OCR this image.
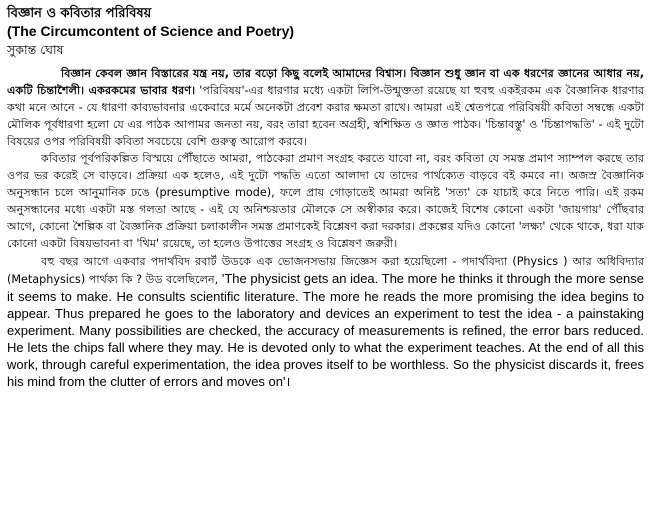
বিজ্ঞান ও কবিতার পরিবিষয়
(The Circumcontent of Science and Poetry)
সুকান্ত ঘোষ

বিজ্ঞান কেবল জ্ঞান বিস্তারের যন্ত্র নয়, তার বড়ো কিছু বলেই আমাদের বিশ্বাস। বিজ্ঞান শুধু জ্ঞান বা এক ধরণের জ্ঞানের আধার নয়, একটি চিন্তাশৈলী। একরকমের ভাবার ধরণ। 'পরিবিষয়'-এর ধারণার মধ্যে একটা লিপি-উন্মুক্ততা রয়েছে যা হুবহু একইরকম এক বৈজ্ঞানিক ধারণার কথা মনে আনে - যে ধারণা কাব্যভাবনার একেবারে মর্মে অনেকটা প্রবেশ করার ক্ষমতা রাখে। আমরা এই শ্বেতপত্রে পরিবিষয়ী কবিতা সম্বন্ধে একটা মৌলিক পূর্বধারণা হলো যে এর পাঠক আপামর জনতা নয়, বরং তারা হবেন অগ্রহী, স্বশিক্ষিত ও জ্ঞাত পাঠক। 'চিন্তাবস্তু' ও 'চিন্তাপদ্ধতি' - এই দুটো বিষয়ের ওপর পরিবিষয়ী কবিতা সবচেয়ে বেশি গুরুত্ব আরোপ করবে।

কবিতার পূর্বপরিকল্পিত বিস্ময়ে পৌঁছাতে আমরা, পাঠকেরা প্রমাণ সংগ্রহ করতে যাবো না, বরং কবিতা যে সমস্ত প্রমাণ স্যাম্পল করছে তার ওপর ভর করেই সে বাড়বে। প্রক্রিয়া এক হলেও, এই দুটো পদ্ধতি এতো আলাদা যে তাদের পার্থক্যেত বাড়বে বই কমবে না। অজস্র বৈজ্ঞানিক অনুসন্ধান চলে আনুমানিক ঢঙে (presumptive mode), ফলে প্রায় গোড়াতেই আমরা অনিষ্ট 'সত্য' কে যাচাই করে নিতে পারি। এই রকম অনুসন্ধানের মধ্যে একটা মস্ত গলতা আছে - এই যে অনিশ্চয়তার মৌলকে সে অস্বীকার করে। কাজেই বিশেষ কোনো একটা 'জায়গায়' পৌঁছবার আগে, কোনো শৈল্পিক বা বৈজ্ঞানিক প্রক্রিয়া চলাকালীন সমস্ত প্রমাণকেই বিশ্লেষণ করা দরকার। প্রকল্পের যদিও কোনো 'লক্ষ্য' থেকে থাকে, ধরা যাক কোনো একটা বিষয়ভাবনা বা 'থিম' রয়েছে, তা হলেও উপাত্তের সংগ্রহ ও বিশ্লেষণ জরুরী।

বহু বছর আগে একবার পদার্থবিদ রবার্ট উডকে এক ভোজনসভায় জিজ্ঞেস করা হয়েছিলো - পদার্থবিদ্যা (Physics ) আর অধিবিদ্যার (Metaphysics) পার্থক্য কি ? উড বলেছিলেন, 'The physicist gets an idea. The more he thinks it through the more sense it seems to make. He consults scientific literature. The more he reads the more promising the idea begins to appear. Thus prepared he goes to the laboratory and devices an experiment to test the idea - a painstaking experiment. Many possibilities are checked, the accuracy of measurements is refined, the error bars reduced. He lets the chips fall where they may. He is devoted only to what the experiment teaches. At the end of all this work, through careful experimentation, the idea proves itself to be worthless. So the physicist discards it, frees his mind from the clutter of errors and moves on'।
